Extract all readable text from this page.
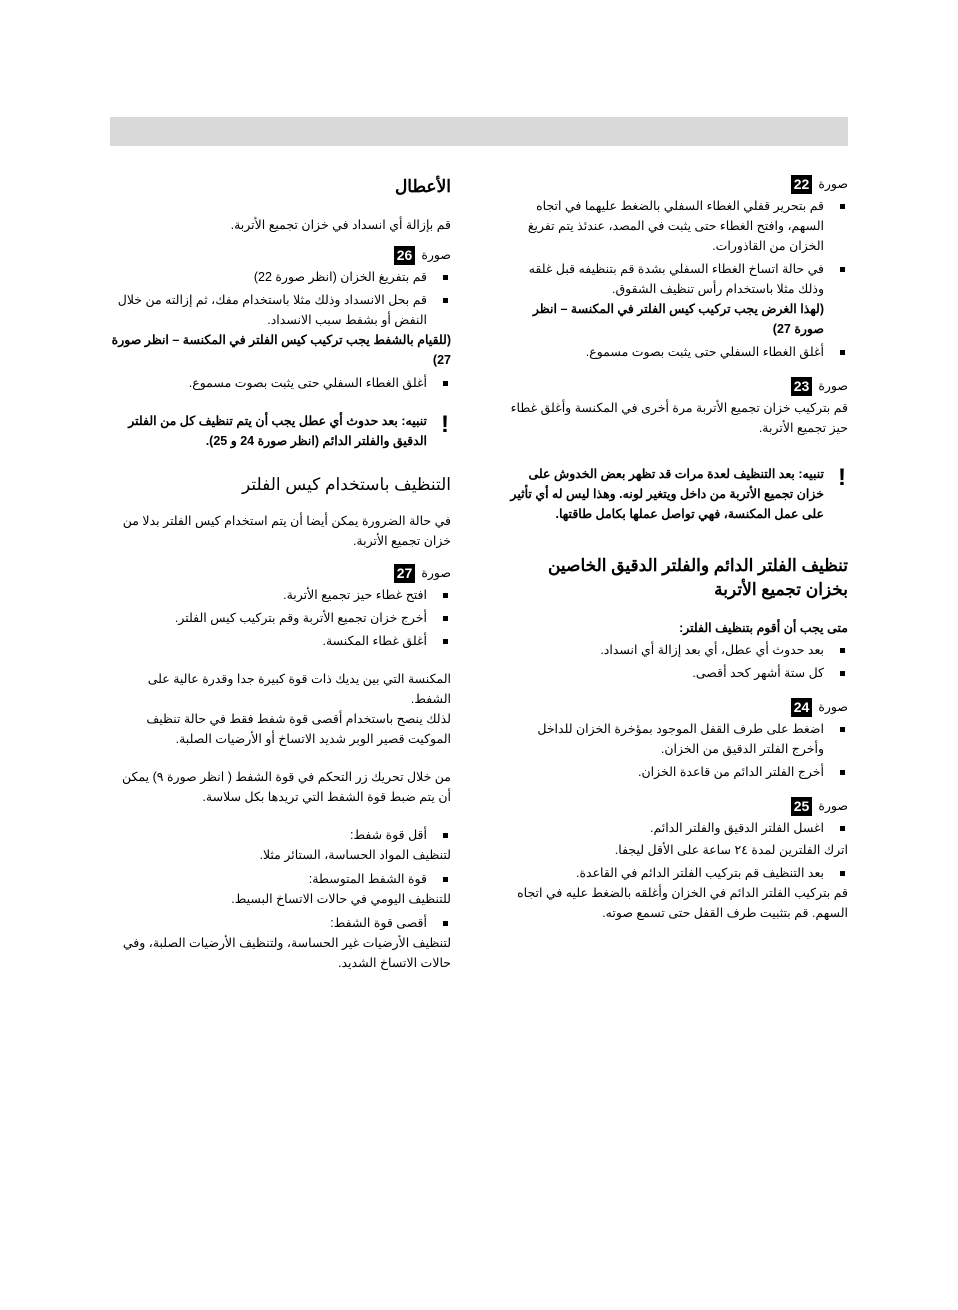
صورة
22
قم بتحرير قفلي الغطاء السفلي بالضغط عليهما في اتجاه السهم، وافتح الغطاء حتى يثبت في المصد، عندئذ يتم تفريغ الخزان من القاذورات.
في حالة اتساخ الغطاء السفلي بشدة قم بتنظيفه قبل غلقه وذلك مثلا باستخدام رأس تنظيف الشقوق.
(لهذا الغرض يجب تركيب كيس الفلتر في المكنسة – انظر صورة 27)
أغلق الغطاء السفلي حتى يثبت بصوت مسموع.
صورة
23
قم بتركيب خزان تجميع الأتربة مرة أخرى في المكنسة وأغلق غطاء حيز تجميع الأتربة.
!
تنبيه: بعد التنظيف لعدة مرات قد تظهر بعض الخدوش على خزان تجميع الأتربة من داخل ويتغير لونه. وهذا ليس له أي تأثير على عمل المكنسة، فهي تواصل عملها بكامل طاقتها.
تنظيف الفلتر الدائم والفلتر الدقيق الخاصين بخزان تجميع الأتربة
متى يجب أن أقوم بتنظيف الفلتر:
بعد حدوث أي عطل، أي بعد إزالة أي انسداد.
كل ستة أشهر كحد أقصى.
صورة
24
اضغط على طرف القفل الموجود بمؤخرة الخزان للداخل وأخرج الفلتر الدقيق من الخزان.
أخرج الفلتر الدائم من قاعدة الخزان.
صورة
25
اغسل الفلتر الدقيق والفلتر الدائم.
اترك الفلترين لمدة ٢٤ ساعة على الأقل ليجفا.
بعد التنظيف قم بتركيب الفلتر الدائم في القاعدة.
قم بتركيب الفلتر الدائم في الخزان وأغلقه بالضغط عليه في اتجاه السهم. قم بتثبيت طرف القفل حتى تسمع صوته.
الأعطال
قم بإزالة أي انسداد في خزان تجميع الأتربة.
صورة
26
قم بتفريغ الخزان (انظر صورة 22)
قم بحل الانسداد وذلك مثلا باستخدام مفك، ثم إزالته من خلال النفض أو بشفط سبب الانسداد.
(للقيام بالشفط يجب تركيب كيس الفلتر في المكنسة – انظر صورة 27)
أغلق الغطاء السفلي حتى يثبت بصوت مسموع.
!
تنبيه: بعد حدوث أي عطل يجب أن يتم تنظيف كل من الفلتر الدقيق والفلتر الدائم (انظر صورة 24 و 25).
التنظيف باستخدام كيس الفلتر
في حالة الضرورة يمكن أيضا أن يتم استخدام كيس الفلتر بدلا من خزان تجميع الأتربة.
صورة
27
افتح غطاء حيز تجميع الأتربة.
أخرج خزان تجميع الأتربة وقم بتركيب كيس الفلتر.
أغلق غطاء المكنسة.
المكنسة التي بين يديك ذات قوة كبيرة جدا وقدرة عالية على الشفط.
لذلك ينصح باستخدام أقصى قوة شفط فقط في حالة تنظيف الموكيت قصير الوبر شديد الاتساخ أو الأرضيات الصلبة.
من خلال تحريك زر التحكم في قوة الشفط ( انظر صورة ٩) يمكن أن يتم ضبط قوة الشفط التي تريدها بكل سلاسة.
أقل قوة شفط:
لتنظيف المواد الحساسة، الستائر مثلا.
قوة الشفط المتوسطة:
للتنظيف اليومي في حالات الاتساخ البسيط.
أقصى قوة الشفط:
لتنظيف الأرضيات غير الحساسة، ولتنظيف الأرضيات الصلبة، وفي حالات الاتساخ الشديد.
